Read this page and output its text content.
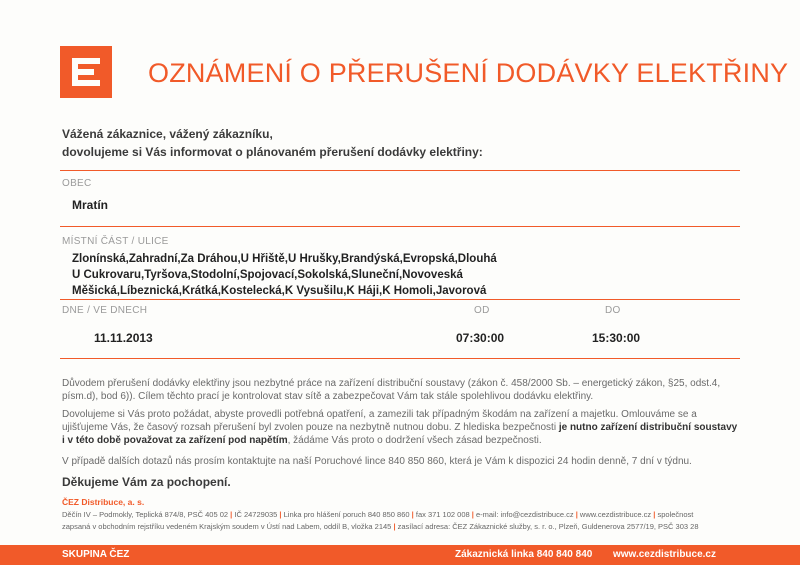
OZNÁMENÍ O PŘERUŠENÍ DODÁVKY ELEKTŘINY
Vážená zákaznice, vážený zákazníku,
dovolujeme si Vás informovat o plánovaném přerušení dodávky elektřiny:
OBEC
Mratín
MÍSTNÍ ČÁST / ULICE
Zlonínská,Zahradní,Za Dráhou,U Hřiště,U Hrušky,Brandýská,Evropská,Dlouhá
U Cukrovaru,Tyršova,Stodolní,Spojovací,Sokolská,Sluneční,Novoveská
Měšická,Líbeznická,Krátká,Kostelecká,K Vysušilu,K Háji,K Homoli,Javorová
DNE / VE DNECH	OD	DO
11.11.2013	07:30:00	15:30:00
Důvodem přerušení dodávky elektřiny jsou nezbytné práce na zařízení distribuční soustavy (zákon č. 458/2000 Sb. – energetický zákon, §25, odst.4, písm.d), bod 6)). Cílem těchto prací je kontrolovat stav sítě a zabezpečovat Vám tak stále spolehlivou dodávku elektřiny.
Dovolujeme si Vás proto požádat, abyste provedli potřebná opatření, a zamezili tak případným škodám na zařízení a majetku. Omlouváme se a ujišťujeme Vás, že časový rozsah přerušení byl zvolen pouze na nezbytně nutnou dobu. Z hlediska bezpečnosti je nutno zařízení distribuční soustavy i v této době považovat za zařízení pod napětím, žádáme Vás proto o dodržení všech zásad bezpečnosti.
V případě dalších dotazů nás prosím kontaktujte na naší Poruchové lince 840 850 860, která je Vám k dispozici 24 hodin denně, 7 dní v týdnu.
Děkujeme Vám za pochopení.
ČEZ Distribuce, a. s.
Děčín IV – Podmokly, Teplická 874/8, PSČ 405 02 | IČ 24729035 | Linka pro hlášení poruch 840 850 860 | fax 371 102 008 | e-mail: info@cezdistribuce.cz | www.cezdistribuce.cz | společnost
zapsaná v obchodním rejstříku vedeném Krajským soudem v Ústí nad Labem, oddíl B, vložka 2145 | zasílací adresa: ČEZ Zákaznické služby, s. r. o., Plzeň, Guldenerova 2577/19, PSČ 303 28
SKUPINA ČEZ	Zákaznická linka 840 840 840 www.cezdistribuce.cz
